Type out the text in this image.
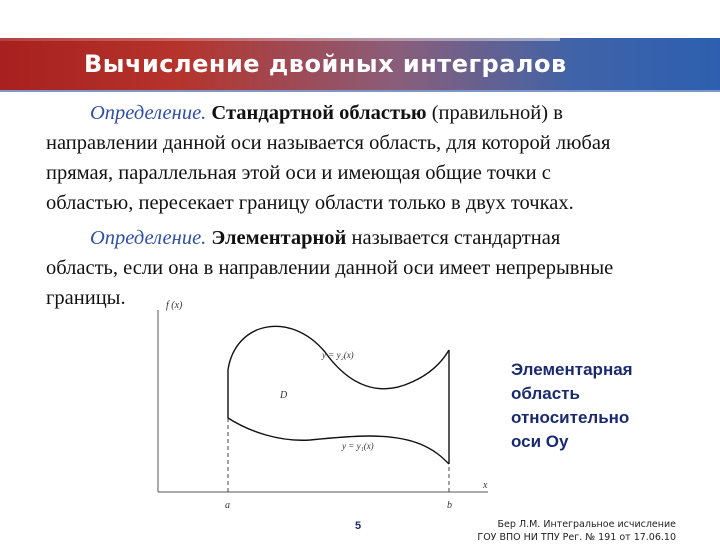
Вычисление двойных интегралов
Определение. Стандартной областью (правильной) в
направлении данной оси называется область, для которой любая
прямая, параллельная этой оси и имеющая общие точки с
областью, пересекает границу области только в двух точках.
Определение. Элементарной называется стандартная
область, если она в направлении данной оси имеет непрерывные
границы.	f (x)
x
a	b
y = y₂(x)
D
y = y₁(x)
Элементарная
область
относительно
оси Оу
5	Бер Л.М. Интегральное исчисление
ГОУ ВПО НИ ТПУ Рег. № 191 от 17.06.10
